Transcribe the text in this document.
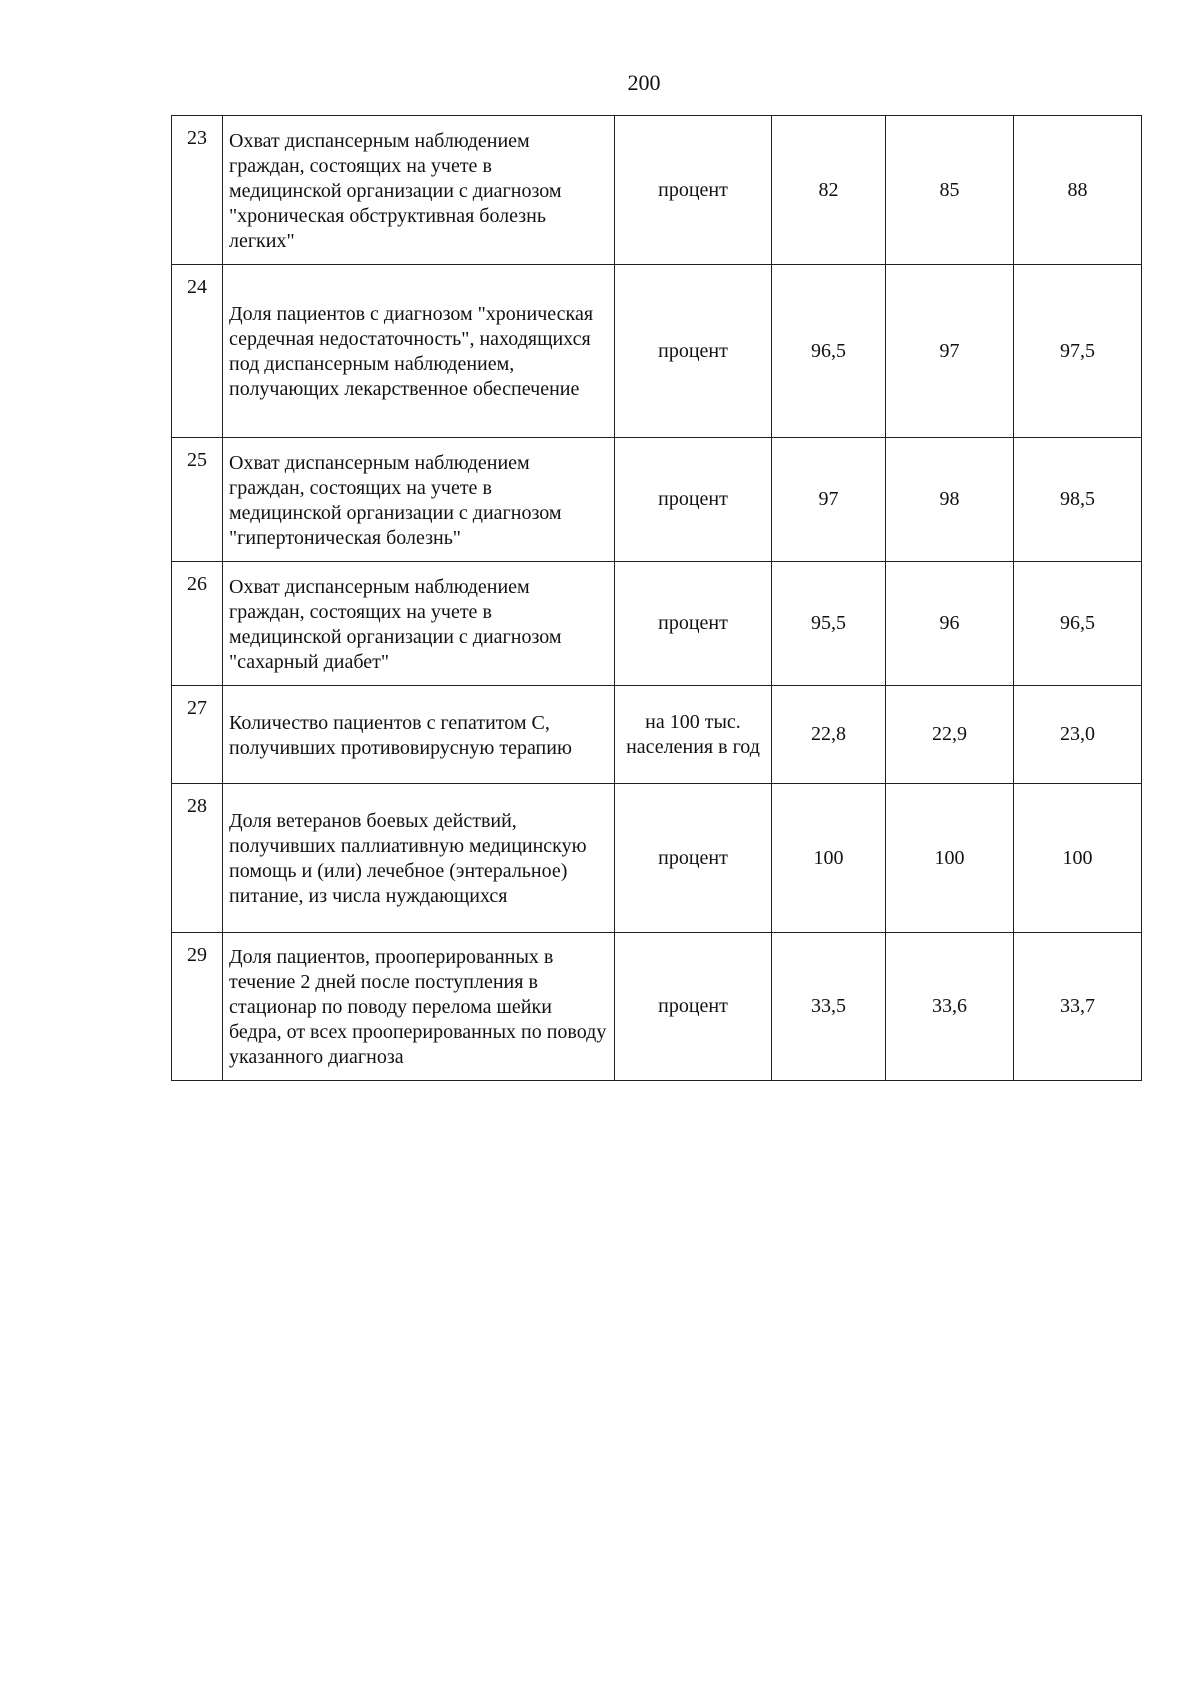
200
23	Охват диспансерным наблюдением граждан, состоящих на учете в медицинской организации с диагнозом "хроническая обструктивная болезнь легких"	процент	82	85	88
24	Доля пациентов с диагнозом "хроническая сердечная недостаточность", находящихся под диспансерным наблюдением, получающих лекарственное обеспечение	процент	96,5	97	97,5
25	Охват диспансерным наблюдением граждан, состоящих на учете в медицинской организации с диагнозом "гипертоническая болезнь"	процент	97	98	98,5
26	Охват диспансерным наблюдением граждан, состоящих на учете в медицинской организации с диагнозом "сахарный диабет"	процент	95,5	96	96,5
27	Количество пациентов с гепатитом С, получивших противовирусную терапию	на 100 тыс. населения в год	22,8	22,9	23,0
28	Доля ветеранов боевых действий, получивших паллиативную медицинскую помощь и (или) лечебное (энтеральное) питание, из числа нуждающихся	процент	100	100	100
29	Доля пациентов, прооперированных в течение 2 дней после поступления в стационар по поводу перелома шейки бедра, от всех прооперированных по поводу указанного диагноза	процент	33,5	33,6	33,7
